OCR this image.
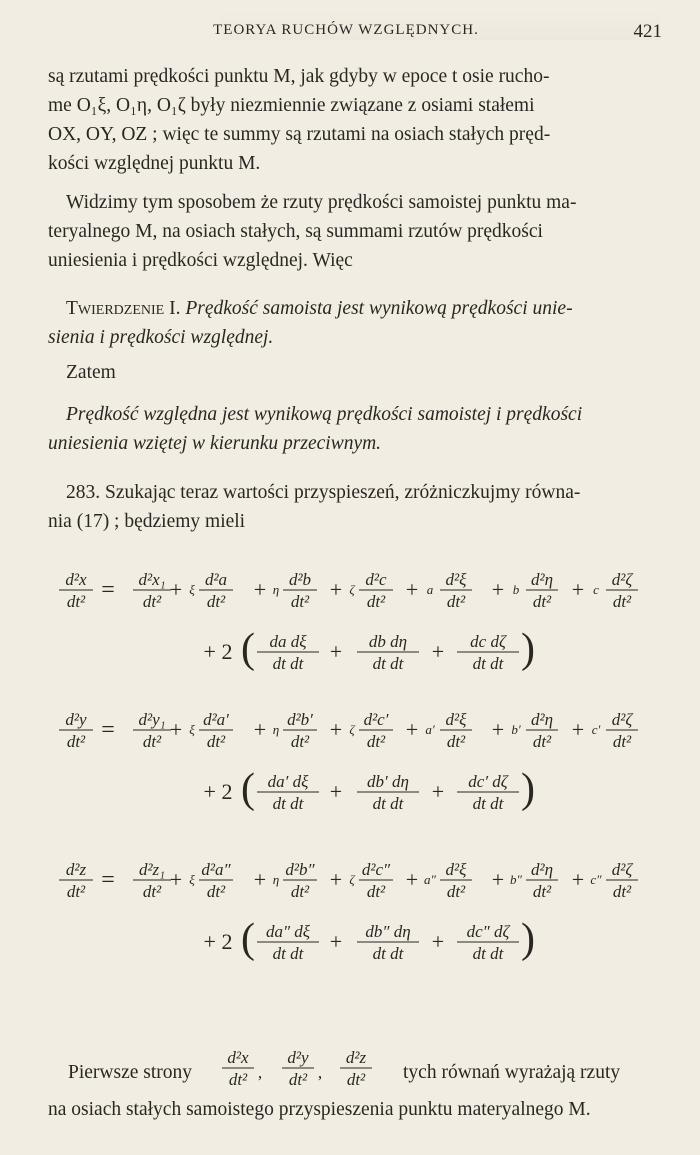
TEORYA RUCHÓW WZGLĘDNYCH.	421
są rzutami prędkości punktu M, jak gdyby w epoce t osie rucho-
me O₁ξ, O₁η, O₁ζ były niezmiennie związane z osiami stałemi
OX, OY, OZ ; więc te summy są rzutami na osiach stałych pręd-
kości względnej punktu M.
Widzimy tym sposobem że rzuty prędkości samoistej punktu ma-
teryalnego M, na osiach stałych, są summami rzutów prędkości
uniesienia i prędkości względnej. Więc
Twierdzenie I. Prędkość samoista jest wynikową prędkości unie-
sienia i prędkości względnej.
Zatem
Prędkość względna jest wynikową prędkości samoistej i prędkości
uniesienia wziętej w kierunku przeciwnym.
283. Szukając teraz wartości przyspieszeń, zróżniczkujmy równa-
nia (17) ; będziemy mieli
d²x
dt² = d²x₁
dt² + ξ
d²a
dt² + η
d²b
dt² + ζ
d²c
dt² + a
d²ξ
dt² + b
d²η
dt² + c
d²ζ
dt²
+ 2 ( da dξ
dt dt + db dη
dt dt + dc dζ
dt dt )
d²y
dt² = d²y₁
dt² + ξ
d²a′
dt² + η
d²b′
dt² + ζ
d²c′
dt² + a′
d²ξ
dt² + b′
d²η
dt² + c′
d²ζ
dt²
+ 2 ( da′ dξ
dt dt + db′ dη
dt dt + dc′ dζ
dt dt )
d²z
dt² = d²z₁
dt² + ξ
d²a″
dt² + η
d²b″
dt² + ζ
d²c″
dt² + a″
d²ξ
dt² + b″
d²η
dt² + c″
d²ζ
dt²
+ 2 ( da″ dξ
dt dt + db″ dη
dt dt + dc″ dζ
dt dt )
Pierwsze strony
d²x
dt² ,
d²y
dt² ,
d²z
dt² tych równań wyrażają rzuty
na osiach stałych samoistego przyspieszenia punktu materyalnego M.
